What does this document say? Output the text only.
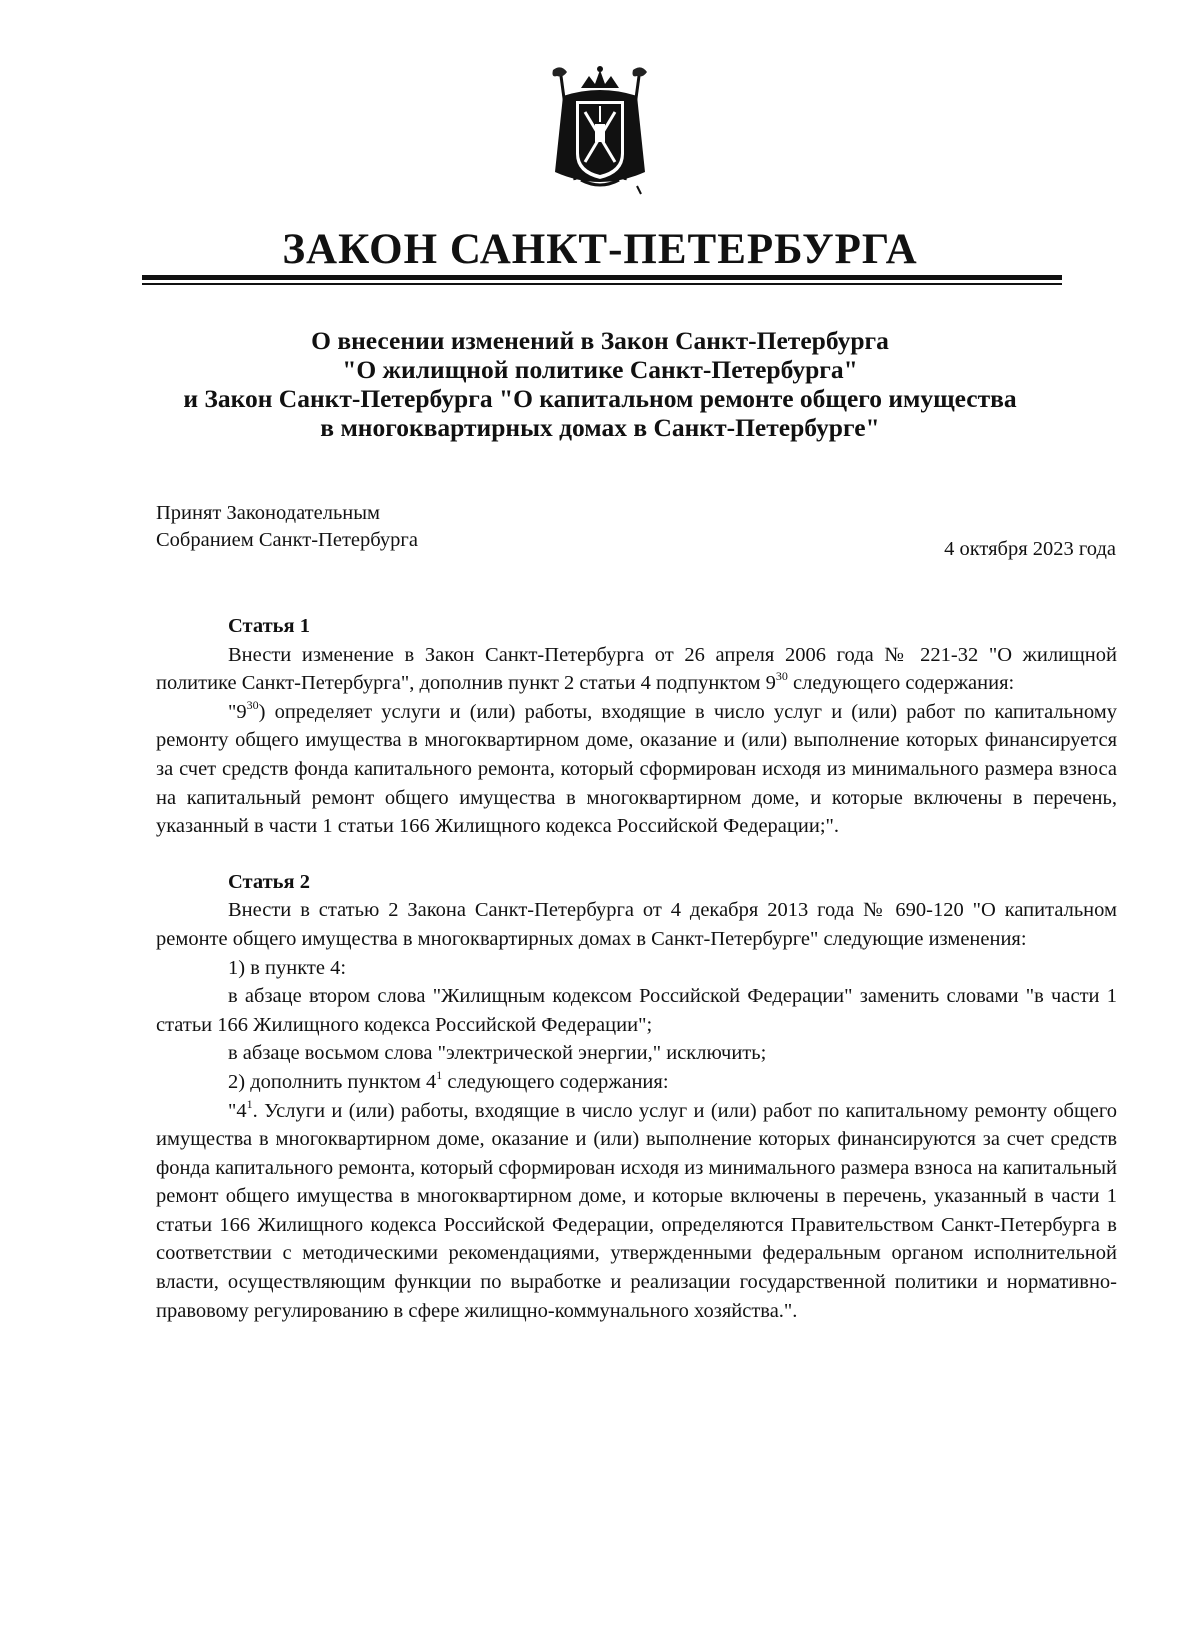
ЗАКОН САНКТ-ПЕТЕРБУРГА
О внесении изменений в Закон Санкт-Петербурга
"О жилищной политике Санкт-Петербурга"
и Закон Санкт-Петербурга "О капитальном ремонте общего имущества
в многоквартирных домах в Санкт-Петербурге"
Принят Законодательным
Собранием Санкт-Петербурга	4 октября 2023 года

Статья 1

Внести изменение в Закон Санкт-Петербурга от 26 апреля 2006 года № 221-32 "О жилищной политике Санкт-Петербурга", дополнив пункт 2 статьи 4 подпунктом $9^{30}$ следующего содержания:

"$9^{30}$) определяет услуги и (или) работы, входящие в число услуг и (или) работ по капитальному ремонту общего имущества в многоквартирном доме, оказание и (или) выполнение которых финансируется за счет средств фонда капитального ремонта, который сформирован исходя из минимального размера взноса на капитальный ремонт общего имущества в многоквартирном доме, и которые включены в перечень, указанный в части 1 статьи 166 Жилищного кодекса Российской Федерации;".

Статья 2

Внести в статью 2 Закона Санкт-Петербурга от 4 декабря 2013 года № 690-120 "О капитальном ремонте общего имущества в многоквартирных домах в Санкт-Петербурге" следующие изменения:

1) в пункте 4:

в абзаце втором слова "Жилищным кодексом Российской Федерации" заменить словами "в части 1 статьи 166 Жилищного кодекса Российской Федерации";

в абзаце восьмом слова "электрической энергии," исключить;

2) дополнить пунктом $4^1$ следующего содержания:

"$4^1$. Услуги и (или) работы, входящие в число услуг и (или) работ по капитальному ремонту общего имущества в многоквартирном доме, оказание и (или) выполнение которых финансируются за счет средств фонда капитального ремонта, который сформирован исходя из минимального размера взноса на капитальный ремонт общего имущества в многоквартирном доме, и которые включены в перечень, указанный в части 1 статьи 166 Жилищного кодекса Российской Федерации, определяются Правительством Санкт-Петербурга в соответствии с методическими рекомендациями, утвержденными федеральным органом исполнительной власти, осуществляющим функции по выработке и реализации государственной политики и нормативно-правовому регулированию в сфере жилищно-коммунального хозяйства.".
